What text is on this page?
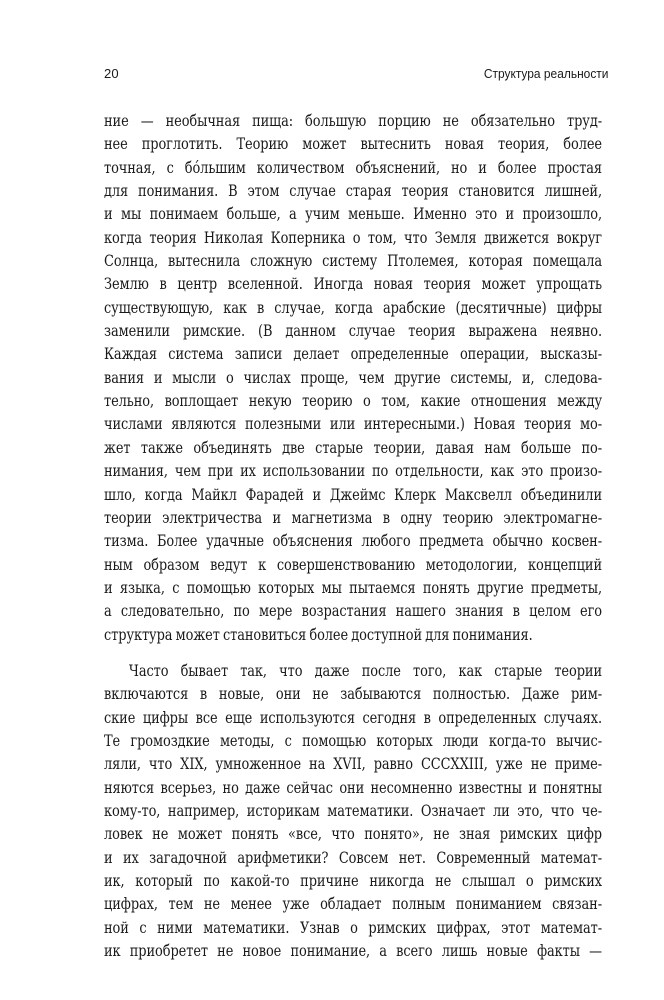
20	Структура реальности
ние — необычная пища: большую порцию не обязательно труд-
нее проглотить. Теорию может вытеснить новая теория, более
точная, с бо́льшим количеством объяснений, но и более простая
для понимания. В этом случае старая теория становится лишней,
и мы понимаем больше, а учим меньше. Именно это и произошло,
когда теория Николая Коперника о том, что Земля движется вокруг
Солнца, вытеснила сложную систему Птолемея, которая помещала
Землю в центр вселенной. Иногда новая теория может упрощать
существующую, как в случае, когда арабские (десятичные) цифры
заменили римские. (В данном случае теория выражена неявно.
Каждая система записи делает определенные операции, высказы-
вания и мысли о числах проще, чем другие системы, и, следова-
тельно, воплощает некую теорию о том, какие отношения между
числами являются полезными или интересными.) Новая теория мо-
жет также объединять две старые теории, давая нам больше по-
нимания, чем при их использовании по отдельности, как это произо-
шло, когда Майкл Фарадей и Джеймс Клерк Максвелл объединили
теории электричества и магнетизма в одну теорию электромагне-
тизма. Более удачные объяснения любого предмета обычно косвен-
ным образом ведут к совершенствованию методологии, концепций
и языка, с помощью которых мы пытаемся понять другие предметы,
а следовательно, по мере возрастания нашего знания в целом его
структура может становиться более доступной для понимания.
Часто бывает так, что даже после того, как старые теории
включаются в новые, они не забываются полностью. Даже рим-
ские цифры все еще используются сегодня в определенных случаях.
Те громоздкие методы, с помощью которых люди когда-то вычис-
ляли, что XIX, умноженное на XVII, равно CCCXXIII, уже не приме-
няются всерьез, но даже сейчас они несомненно известны и понятны
кому-то, например, историкам математики. Означает ли это, что че-
ловек не может понять «все, что понято», не зная римских цифр
и их загадочной арифметики? Совсем нет. Современный математ-
ик, который по какой-то причине никогда не слышал о римских
цифрах, тем не менее уже обладает полным пониманием связан-
ной с ними математики. Узнав о римских цифрах, этот математ-
ик приобретет не новое понимание, а всего лишь новые факты —
